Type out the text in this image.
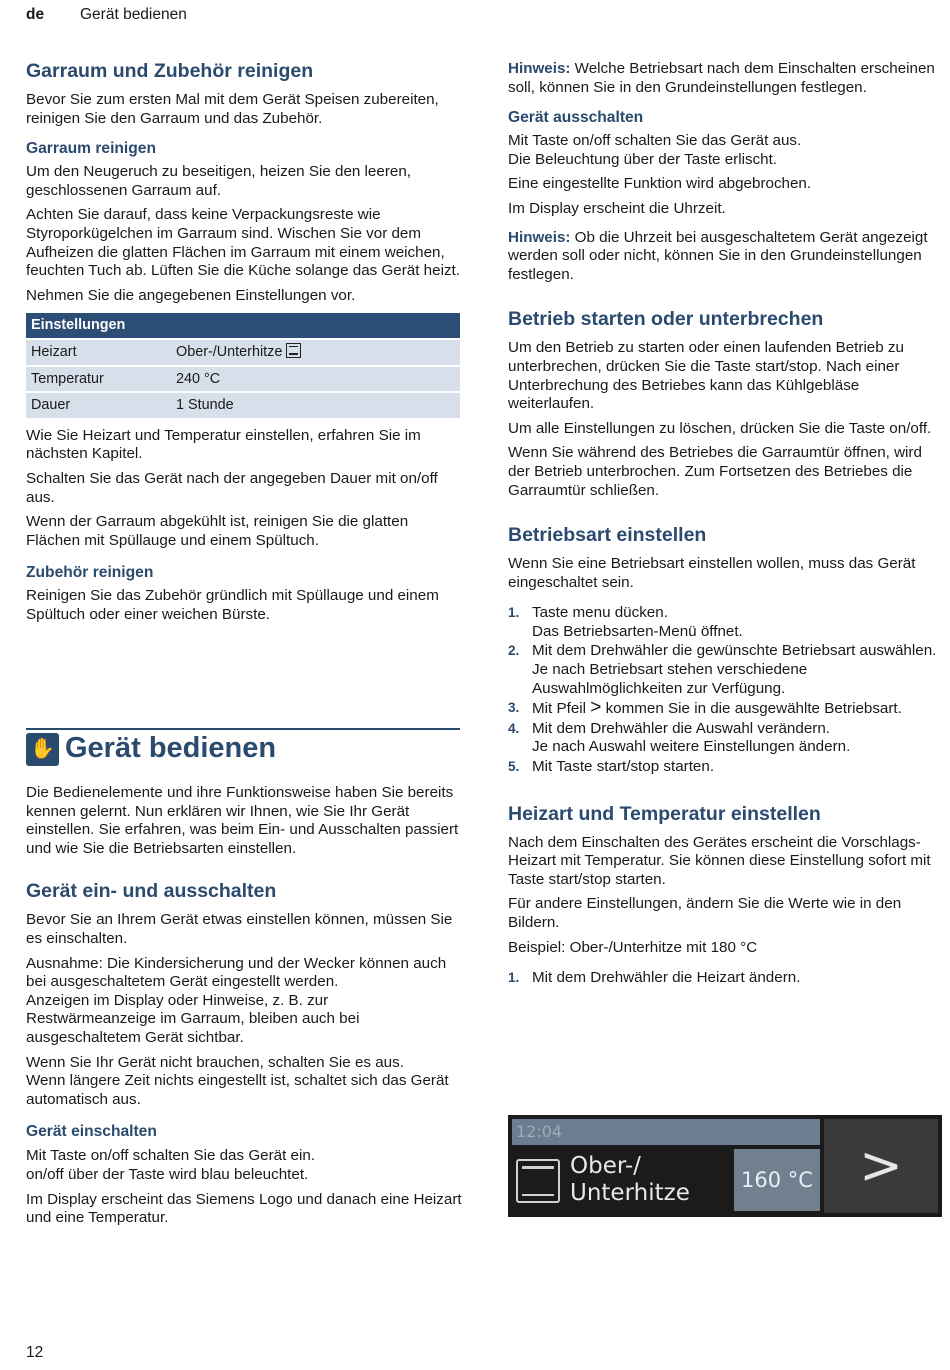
de Gerät bedienen
Garraum und Zubehör reinigen

Bevor Sie zum ersten Mal mit dem Gerät Speisen zubereiten, reinigen Sie den Garraum und das Zubehör.

Garraum reinigen

Um den Neugeruch zu beseitigen, heizen Sie den leeren, geschlossenen Garraum auf.

Achten Sie darauf, dass keine Verpackungsreste wie Styroporkügelchen im Garraum sind. Wischen Sie vor dem Aufheizen die glatten Flächen im Garraum mit einem weichen, feuchten Tuch ab. Lüften Sie die Küche solange das Gerät heizt.

Nehmen Sie die angegebenen Einstellungen vor.

Einstellungen	
Heizart	Ober-/Unterhitze
Temperatur	240 °C
Dauer	1 Stunde

Wie Sie Heizart und Temperatur einstellen, erfahren Sie im nächsten Kapitel.

Schalten Sie das Gerät nach der angegeben Dauer mit on/off aus.

Wenn der Garraum abgekühlt ist, reinigen Sie die glatten Flächen mit Spüllauge und einem Spültuch.

Zubehör reinigen

Reinigen Sie das Zubehör gründlich mit Spüllauge und einem Spültuch oder einer weichen Bürste.

✋ Gerät bedienen

Die Bedienelemente und ihre Funktionsweise haben Sie bereits kennen gelernt. Nun erklären wir Ihnen, wie Sie Ihr Gerät einstellen. Sie erfahren, was beim Ein- und Ausschalten passiert und wie Sie die Betriebsarten einstellen.

Gerät ein- und ausschalten

Bevor Sie an Ihrem Gerät etwas einstellen können, müssen Sie es einschalten.

Ausnahme: Die Kindersicherung und der Wecker können auch bei ausgeschaltetem Gerät eingestellt werden.

Anzeigen im Display oder Hinweise, z. B. zur Restwärmeanzeige im Garraum, bleiben auch bei ausgeschaltetem Gerät sichtbar.

Wenn Sie Ihr Gerät nicht brauchen, schalten Sie es aus.

Wenn längere Zeit nichts eingestellt ist, schaltet sich das Gerät automatisch aus.

Gerät einschalten

Mit Taste on/off schalten Sie das Gerät ein.

on/off über der Taste wird blau beleuchtet.

Im Display erscheint das Siemens Logo und danach eine Heizart und eine Temperatur.

Hinweis: Welche Betriebsart nach dem Einschalten erscheinen soll, können Sie in den Grundeinstellungen festlegen.

Gerät ausschalten

Mit Taste on/off schalten Sie das Gerät aus.

Die Beleuchtung über der Taste erlischt.

Eine eingestellte Funktion wird abgebrochen.

Im Display erscheint die Uhrzeit.

Hinweis: Ob die Uhrzeit bei ausgeschaltetem Gerät angezeigt werden soll oder nicht, können Sie in den Grundeinstellungen festlegen.

Betrieb starten oder unterbrechen

Um den Betrieb zu starten oder einen laufenden Betrieb zu unterbrechen, drücken Sie die Taste start/stop. Nach einer Unterbrechung des Betriebes kann das Kühlgebläse weiterlaufen.

Um alle Einstellungen zu löschen, drücken Sie die Taste on/off.

Wenn Sie während des Betriebes die Garraumtür öffnen, wird der Betrieb unterbrochen. Zum Fortsetzen des Betriebes die Garraumtür schließen.

Betriebsart einstellen

Wenn Sie eine Betriebsart einstellen wollen, muss das Gerät eingeschaltet sein.

1. Taste menu dücken.
Das Betriebsarten-Menü öffnet.
2. Mit dem Drehwähler die gewünschte Betriebsart auswählen.
Je nach Betriebsart stehen verschiedene Auswahlmöglichkeiten zur Verfügung.
3. Mit Pfeil > kommen Sie in die ausgewählte Betriebsart.
4. Mit dem Drehwähler die Auswahl verändern.
Je nach Auswahl weitere Einstellungen ändern.
5. Mit Taste start/stop starten.
Heizart und Temperatur einstellen

Nach dem Einschalten des Gerätes erscheint die Vorschlags-Heizart mit Temperatur. Sie können diese Einstellung sofort mit Taste start/stop starten.

Für andere Einstellungen, ändern Sie die Werte wie in den Bildern.

Beispiel: Ober-/Unterhitze mit 180 °C

1. Mit dem Drehwähler die Heizart ändern.
12:04
Ober-/
Unterhitze	160 °C >
12
